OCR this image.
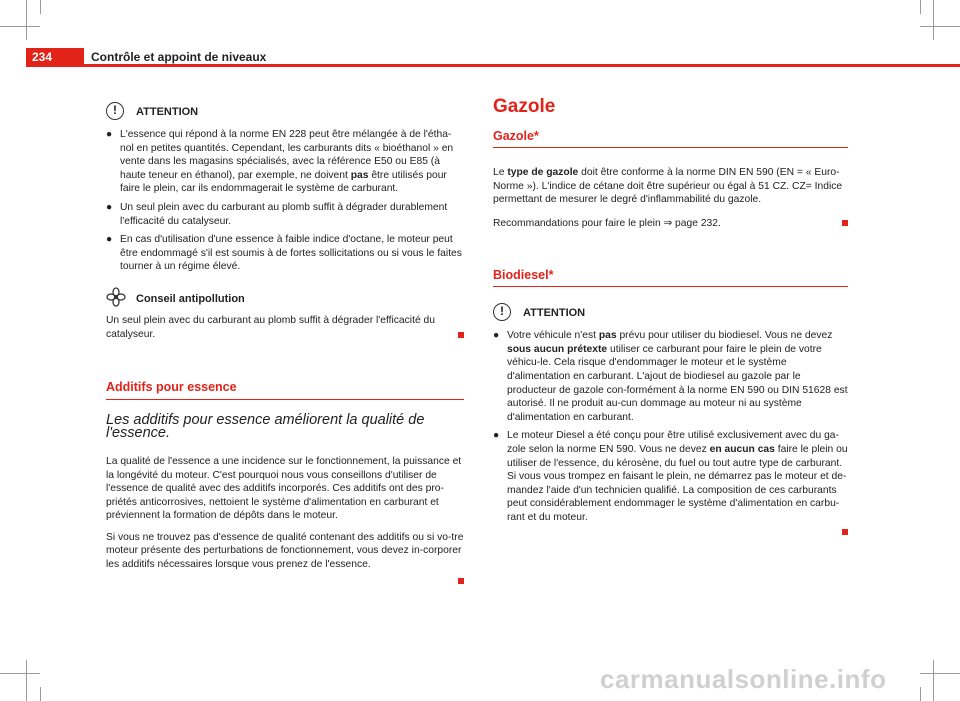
234	Contrôle et appoint de niveaux
!	ATTENTION
● L'essence qui répond à la norme EN 228 peut être mélangée à de l'étha-nol en petites quantités. Cependant, les carburants dits « bioéthanol » en vente dans les magasins spécialisés, avec la référence E50 ou E85 (à haute teneur en éthanol), par exemple, ne doivent pas être utilisés pour faire le plein, car ils endommagerait le système de carburant.
● Un seul plein avec du carburant au plomb suffit à dégrader durablement l'efficacité du catalyseur.
● En cas d'utilisation d'une essence à faible indice d'octane, le moteur peut être endommagé s'il est soumis à de fortes sollicitations ou si vous le faites tourner à un régime élevé.
Conseil antipollution

Un seul plein avec du carburant au plomb suffit à dégrader l'efficacité du catalyseur.

Additifs pour essence
Les additifs pour essence améliorent la qualité de l'essence.

La qualité de l'essence a une incidence sur le fonctionnement, la puissance et la longévité du moteur. C'est pourquoi nous vous conseillons d'utiliser de l'essence de qualité avec des additifs incorporés. Ces additifs ont des pro-priétés anticorrosives, nettoient le système d'alimentation en carburant et préviennent la formation de dépôts dans le moteur.

Si vous ne trouvez pas d'essence de qualité contenant des additifs ou si vo-tre moteur présente des perturbations de fonctionnement, vous devez in-corporer les additifs nécessaires lorsque vous prenez de l'essence.

Gazole
Gazole*

Le type de gazole doit être conforme à la norme DIN EN 590 (EN = « Euro-Norme »). L'indice de cétane doit être supérieur ou égal à 51 CZ. CZ= Indice permettant de mesurer le degré d'inflammabilité du gazole.

Recommandations pour faire le plein ⇒ page 232.

Biodiesel*
!	ATTENTION
● Votre véhicule n'est pas prévu pour utiliser du biodiesel. Vous ne devez sous aucun prétexte utiliser ce carburant pour faire le plein de votre véhicu-le. Cela risque d'endommager le moteur et le système d'alimentation en carburant. L'ajout de biodiesel au gazole par le producteur de gazole con-formément à la norme EN 590 ou DIN 51628 est autorisé. Il ne produit au-cun dommage au moteur ni au système d'alimentation en carburant.
● Le moteur Diesel a été conçu pour être utilisé exclusivement avec du ga-zole selon la norme EN 590. Vous ne devez en aucun cas faire le plein ou utiliser de l'essence, du kérosène, du fuel ou tout autre type de carburant. Si vous vous trompez en faisant le plein, ne démarrez pas le moteur et de-mandez l'aide d'un technicien qualifié. La composition de ces carburants peut considérablement endommager le système d'alimentation en carbu-rant et du moteur.
carmanualsonline.info
